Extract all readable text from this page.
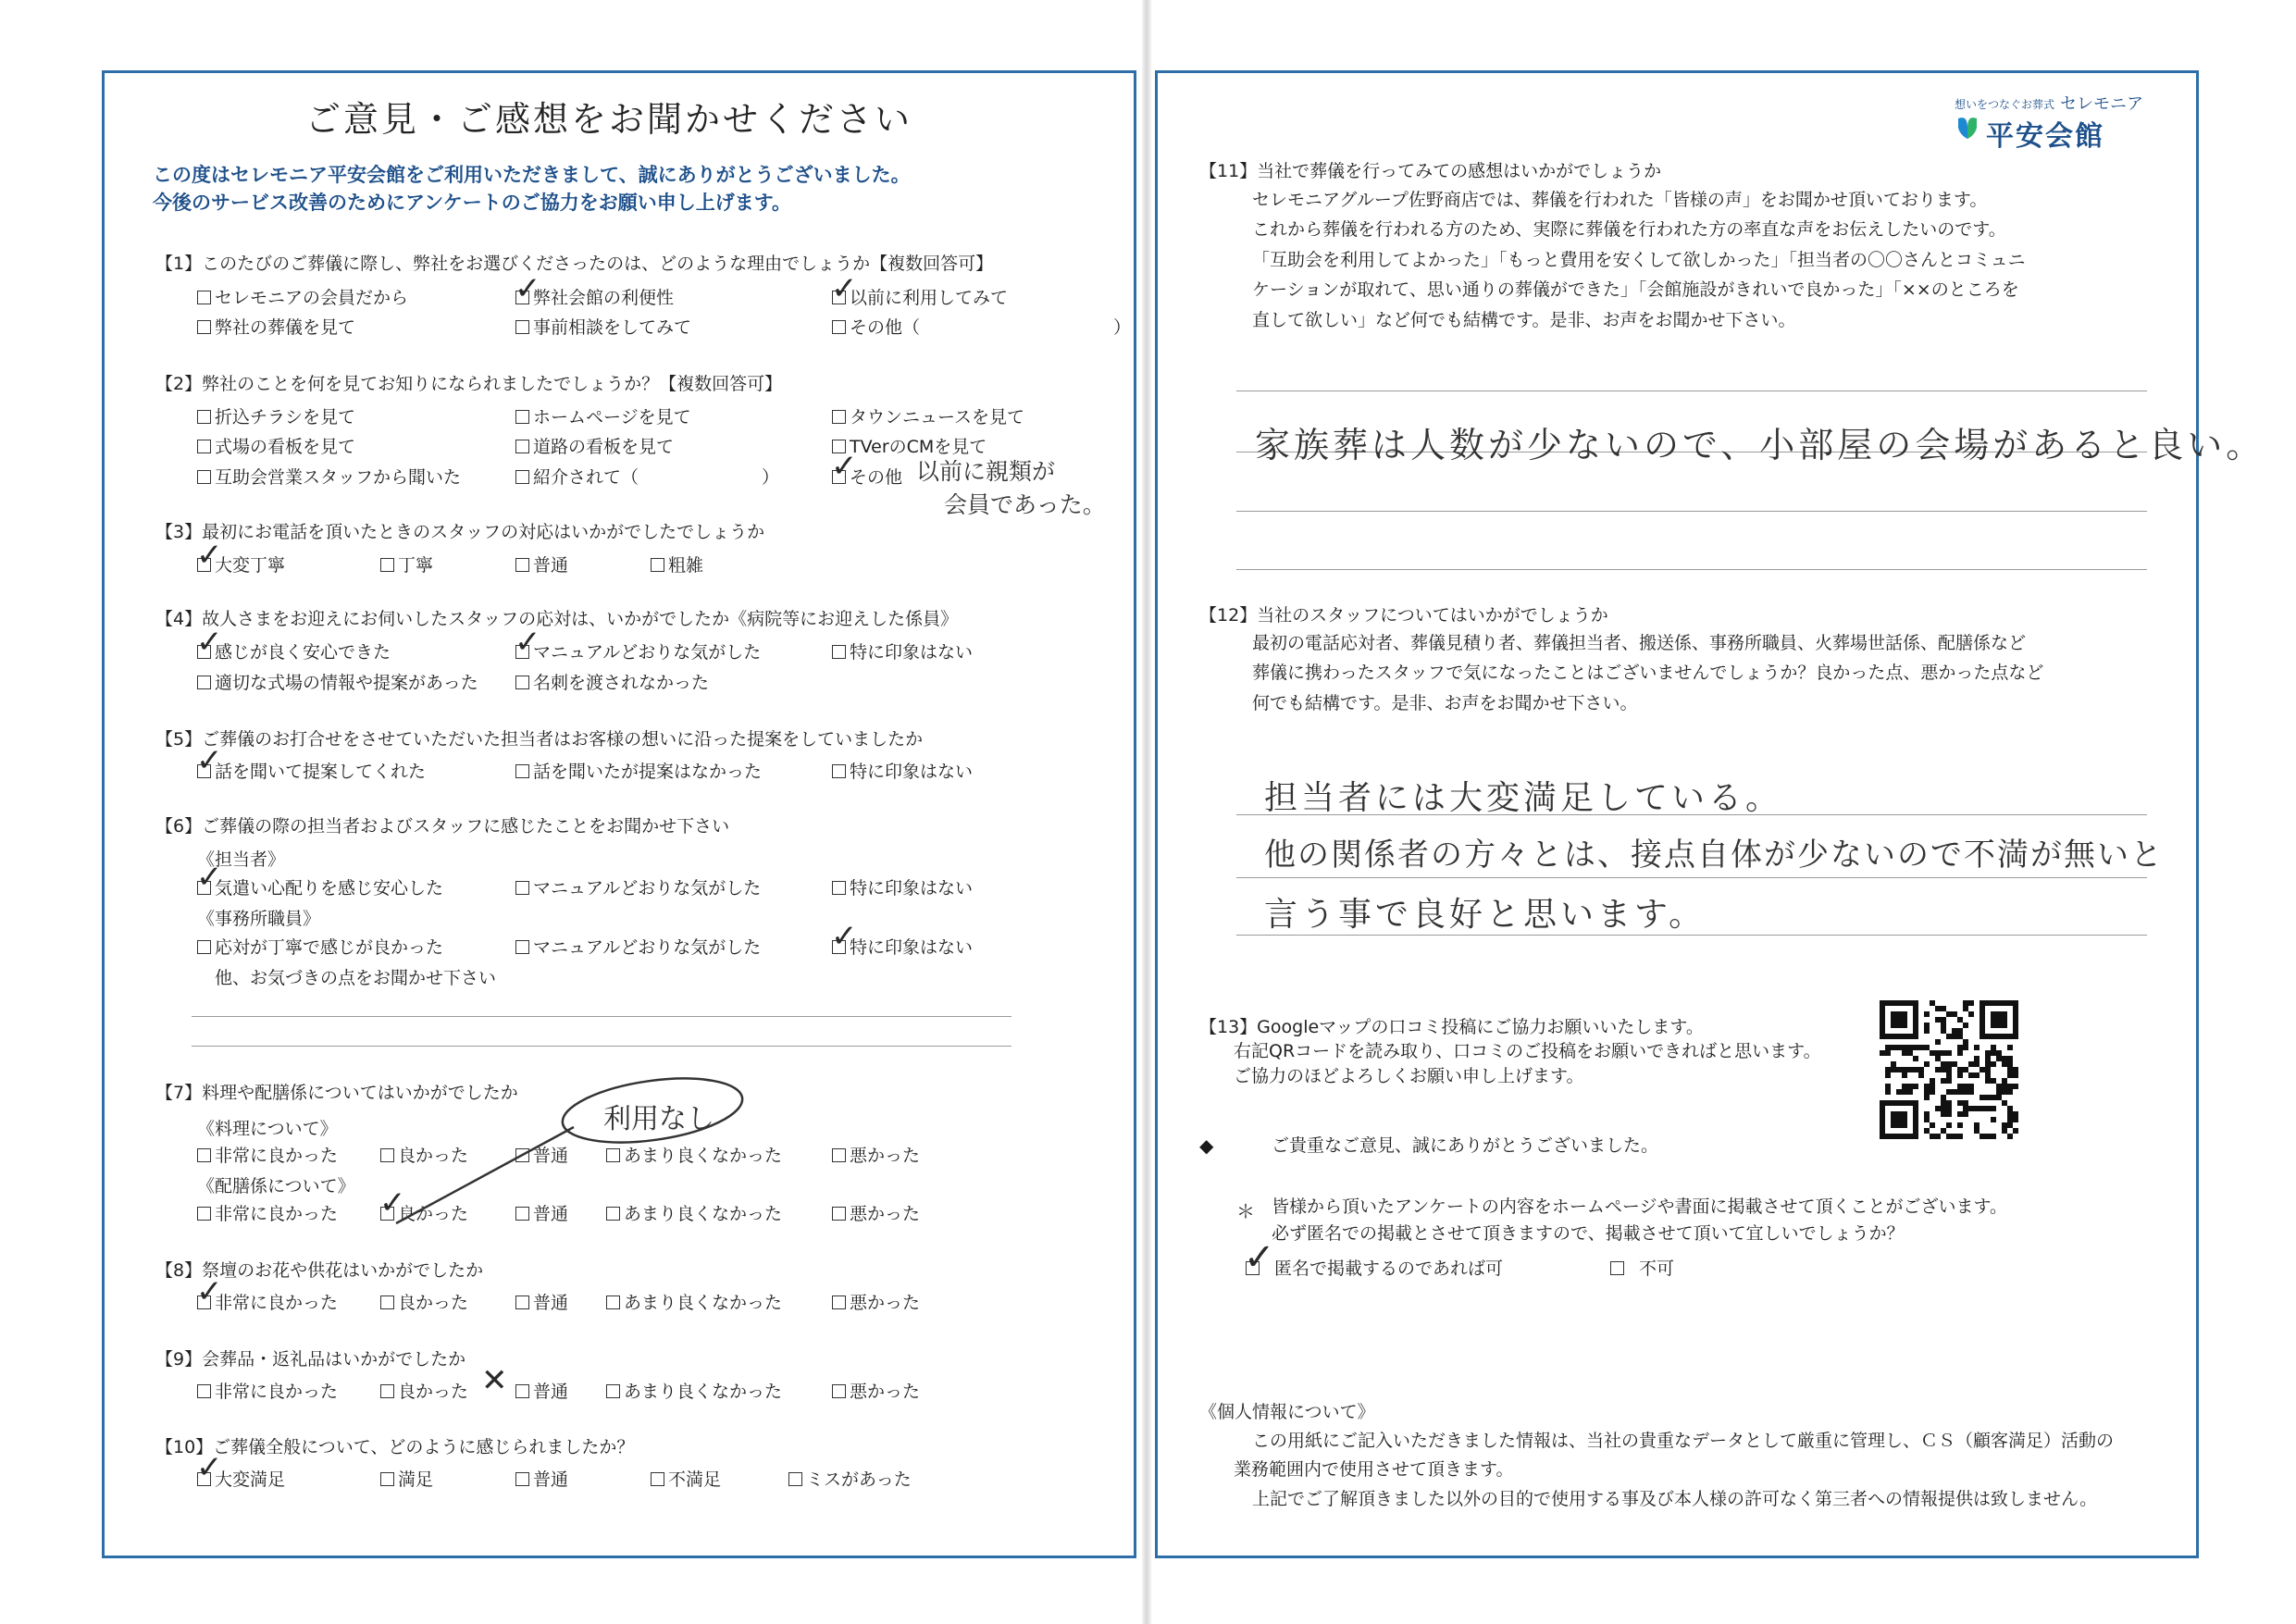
ご意見・ご感想をお聞かせください
この度はセレモニア平安会館をご利用いただきまして、誠にありがとうございました。
今後のサービス改善のためにアンケートのご協力をお願い申し上げます。
【1】このたびのご葬儀に際し、弊社をお選びくださったのは、どのような理由でしょうか【複数回答可】
セレモニアの会員だから	弊社会館の利便性	以前に利用してみて
弊社の葬儀を見て	事前相談をしてみて	その他（　　　　　　　　　　　）
【2】弊社のことを何を見てお知りになられましたでしょうか？【複数回答可】
折込チラシを見て	ホームページを見て	タウンニュースを見て
式場の看板を見て	道路の看板を見て	TVerのCMを見て
互助会営業スタッフから聞いた	紹介されて（　　　　　　　）	その他 以前に親類が
会員であった。
【3】最初にお電話を頂いたときのスタッフの対応はいかがでしたでしょうか
大変丁寧	丁寧	普通	粗雑
【4】故人さまをお迎えにお伺いしたスタッフの応対は、いかがでしたか《病院等にお迎えした係員》
感じが良く安心できた	マニュアルどおりな気がした	特に印象はない
適切な式場の情報や提案があった	名刺を渡されなかった
【5】ご葬儀のお打合せをさせていただいた担当者はお客様の想いに沿った提案をしていましたか
話を聞いて提案してくれた	話を聞いたが提案はなかった	特に印象はない
【6】ご葬儀の際の担当者およびスタッフに感じたことをお聞かせ下さい
《担当者》
気遣い心配りを感じ安心した	マニュアルどおりな気がした	特に印象はない
《事務所職員》
応対が丁寧で感じが良かった	マニュアルどおりな気がした	特に印象はない
他、お気づきの点をお聞かせ下さい
【7】料理や配膳係についてはいかがでしたか
《料理について》
非常に良かった	良かった	普通	あまり良くなかった	悪かった
《配膳係について》
非常に良かった	良かった	普通	あまり良くなかった	悪かった
利用なし
【8】祭壇のお花や供花はいかがでしたか
非常に良かった	良かった	普通	あまり良くなかった	悪かった
【9】会葬品・返礼品はいかがでしたか
非常に良かった	良かった	普通	あまり良くなかった	悪かった
【10】ご葬儀全般について、どのように感じられましたか？
大変満足	満足	普通	不満足	ミスがあった
✓	✓
✓
✓
✓	✓
✓
✓
✓
✓
✓
✕
✓
想いをつなぐお葬式 セレモニア
平安会館
【11】当社で葬儀を行ってみての感想はいかがでしょうか
セレモニアグループ佐野商店では、葬儀を行われた「皆様の声」をお聞かせ頂いております。
これから葬儀を行われる方のため、実際に葬儀を行われた方の率直な声をお伝えしたいのです。
「互助会を利用してよかった」「もっと費用を安くして欲しかった」「担当者の〇〇さんとコミュニ
ケーションが取れて、思い通りの葬儀ができた」「会館施設がきれいで良かった」「××のところを
直して欲しい」など何でも結構です。是非、お声をお聞かせ下さい。
家族葬は人数が少ないので、小部屋の会場があると良い。
【12】当社のスタッフについてはいかがでしょうか
最初の電話応対者、葬儀見積り者、葬儀担当者、搬送係、事務所職員、火葬場世話係、配膳係など
葬儀に携わったスタッフで気になったことはございませんでしょうか？良かった点、悪かった点など
何でも結構です。是非、お声をお聞かせ下さい。
担当者には大変満足している。
他の関係者の方々とは、接点自体が少ないので不満が無いと
言う事で良好と思います。
【13】Googleマップの口コミ投稿にご協力お願いいたします。
右記QRコードを読み取り、口コミのご投稿をお願いできればと思います。
ご協力のほどよろしくお願い申し上げます。
◆	ご貴重なご意見、誠にありがとうございました。
＊ 皆様から頂いたアンケートの内容をホームページや書面に掲載させて頂くことがございます。
必ず匿名での掲載とさせて頂きますので、掲載させて頂いて宜しいでしょうか？
匿名で掲載するのであれば可	不可
✓
《個人情報について》
この用紙にご記入いただきました情報は、当社の貴重なデータとして厳重に管理し、ＣＳ（顧客満足）活動の
業務範囲内で使用させて頂きます。
上記でご了解頂きました以外の目的で使用する事及び本人様の許可なく第三者への情報提供は致しません。
